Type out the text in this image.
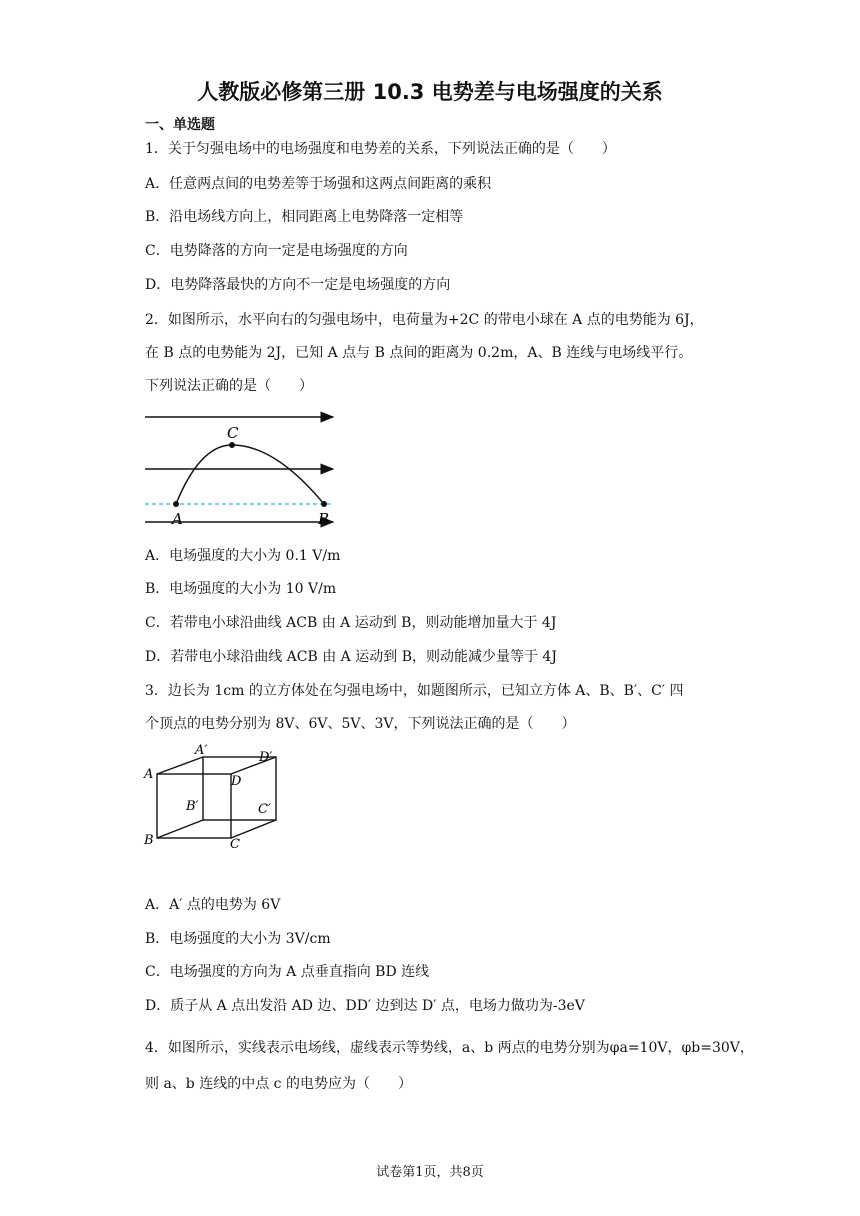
人教版必修第三册 10.3 电势差与电场强度的关系
一、单选题
1．关于匀强电场中的电场强度和电势差的关系，下列说法正确的是（　　）
A．任意两点间的电势差等于场强和这两点间距离的乘积
B．沿电场线方向上，相同距离上电势降落一定相等
C．电势降落的方向一定是电场强度的方向
D．电势降落最快的方向不一定是电场强度的方向
2．如图所示，水平向右的匀强电场中，电荷量为+2C 的带电小球在 A 点的电势能为 6J，
在 B 点的电势能为 2J，已知 A 点与 B 点间的距离为 0.2m，A、B 连线与电场线平行。
下列说法正确的是（　　）
C
A	B
A．电场强度的大小为 0.1 V/m
B．电场强度的大小为 10 V/m
C．若带电小球沿曲线 ACB 由 A 运动到 B，则动能增加量大于 4J
D．若带电小球沿曲线 ACB 由 A 运动到 B，则动能减少量等于 4J
3．边长为 1cm 的立方体处在匀强电场中，如题图所示，已知立方体 A、B、B′、C′ 四
个顶点的电势分别为 8V、6V、5V、3V，下列说法正确的是（　　）
A′	D′
A	D
B′	C′
B	C
A．A′ 点的电势为 6V
B．电场强度的大小为 3V/cm
C．电场强度的方向为 A 点垂直指向 BD 连线
D．质子从 A 点出发沿 AD 边、DD′ 边到达 D′ 点，电场力做功为-3eV
4．如图所示，实线表示电场线，虚线表示等势线，a、b 两点的电势分别为φa=10V，φb=30V，
则 a、b 连线的中点 c 的电势应为（　　）
试卷第1页，共8页
